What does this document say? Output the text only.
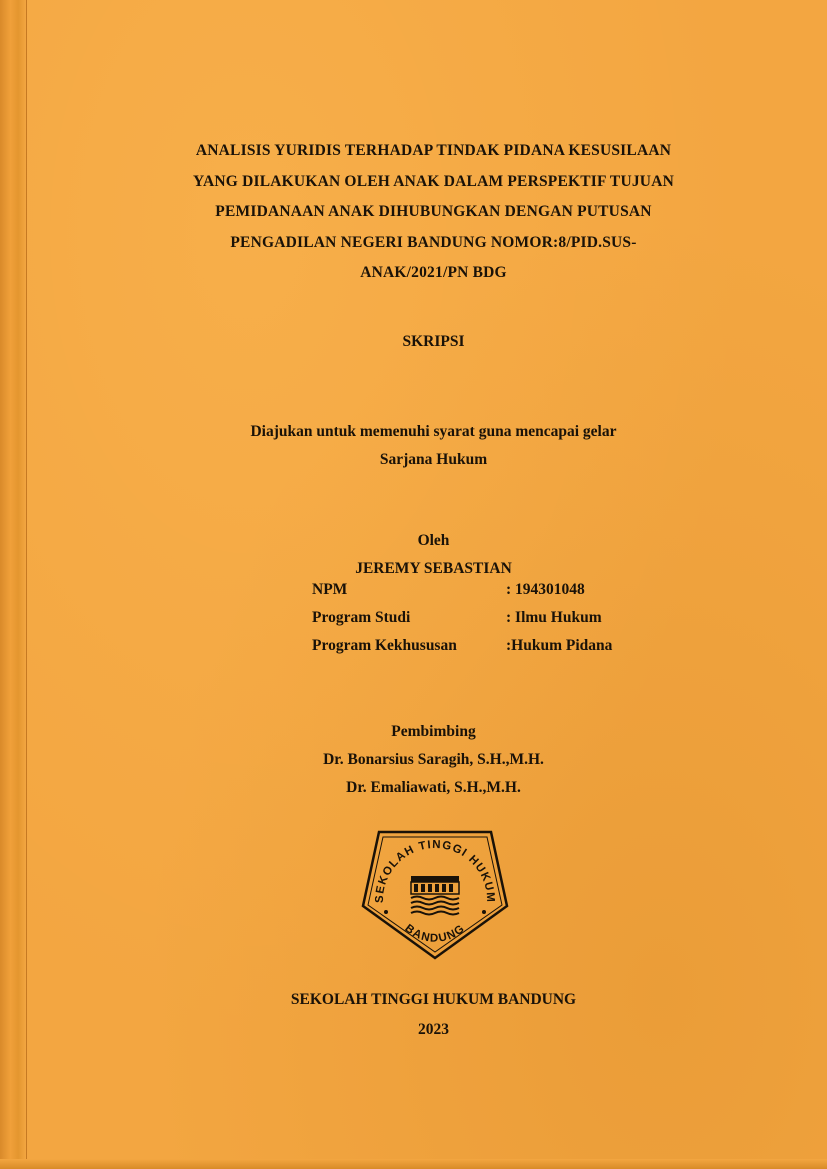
ANALISIS YURIDIS TERHADAP TINDAK PIDANA KESUSILAAN
YANG DILAKUKAN OLEH ANAK DALAM PERSPEKTIF TUJUAN
PEMIDANAAN ANAK DIHUBUNGKAN DENGAN PUTUSAN
PENGADILAN NEGERI BANDUNG NOMOR:8/PID.SUS-
ANAK/2021/PN BDG
SKRIPSI
Diajukan untuk memenuhi syarat guna mencapai gelar
Sarjana Hukum
Oleh
JEREMY SEBASTIAN
NPM	: 194301048
Program Studi	: Ilmu Hukum
Program Kekhususan	:Hukum Pidana
Pembimbing
Dr. Bonarsius Saragih, S.H.,M.H.
Dr. Emaliawati, S.H.,M.H.
SEKOLAH TINGGI HUKUM
BANDUNG
SEKOLAH TINGGI HUKUM BANDUNG
2023
